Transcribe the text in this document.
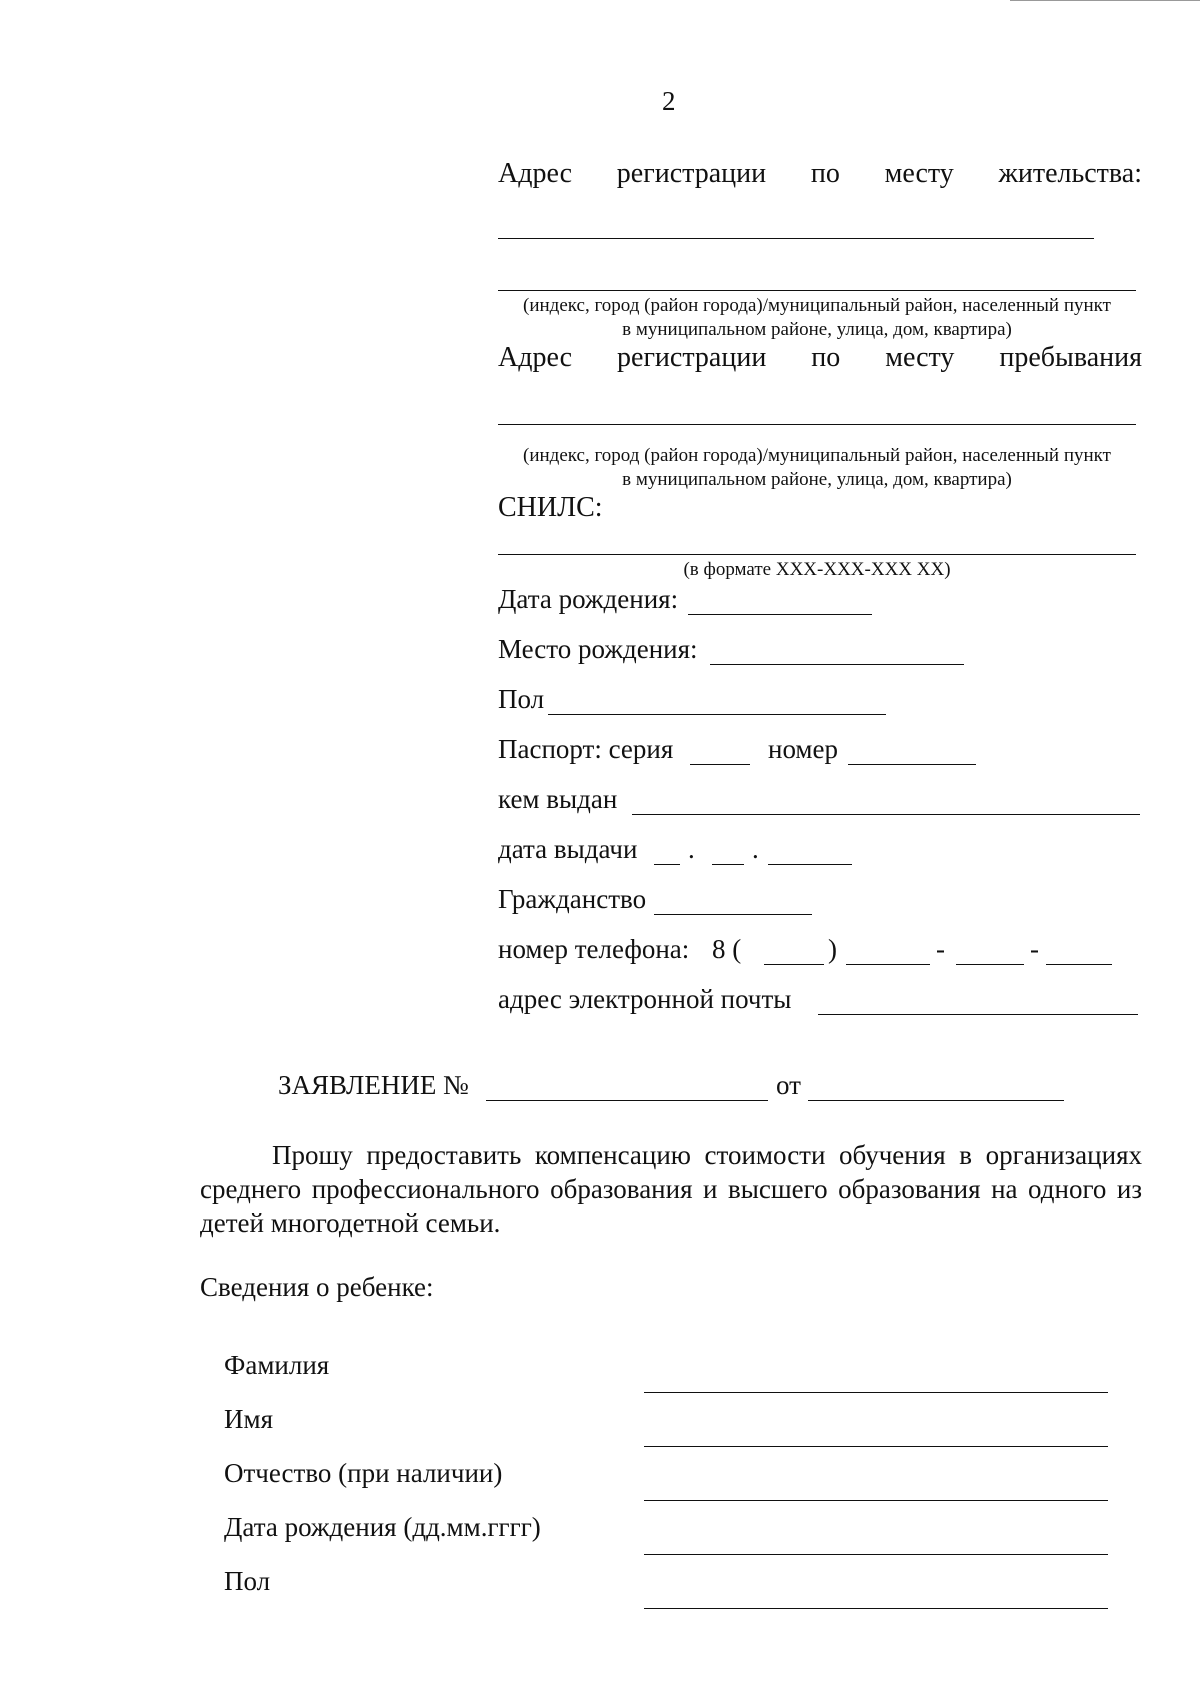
2
Адрес регистрации по месту жительства:
(индекс, город (район города)/муниципальный район, населенный пункт
в муниципальном районе, улица, дом, квартира)
Адрес регистрации по месту пребывания
(индекс, город (район города)/муниципальный район, населенный пункт
в муниципальном районе, улица, дом, квартира)
СНИЛС:
(в формате ХХХ-ХХХ-ХХХ ХХ)
Дата рождения:
Место рождения:
Пол
Паспорт: серия	номер
кем выдан
дата выдачи . .
Гражданство
номер телефона: 8 (	)	-	-
адрес электронной почты
ЗАЯВЛЕНИЕ №	от
Прошу предоставить компенсацию стоимости обучения в организациях среднего профессионального образования и высшего образования на одного из детей многодетной семьи.
Сведения о ребенке:
Фамилия
Имя
Отчество (при наличии)
Дата рождения (дд.мм.гггг)
Пол
